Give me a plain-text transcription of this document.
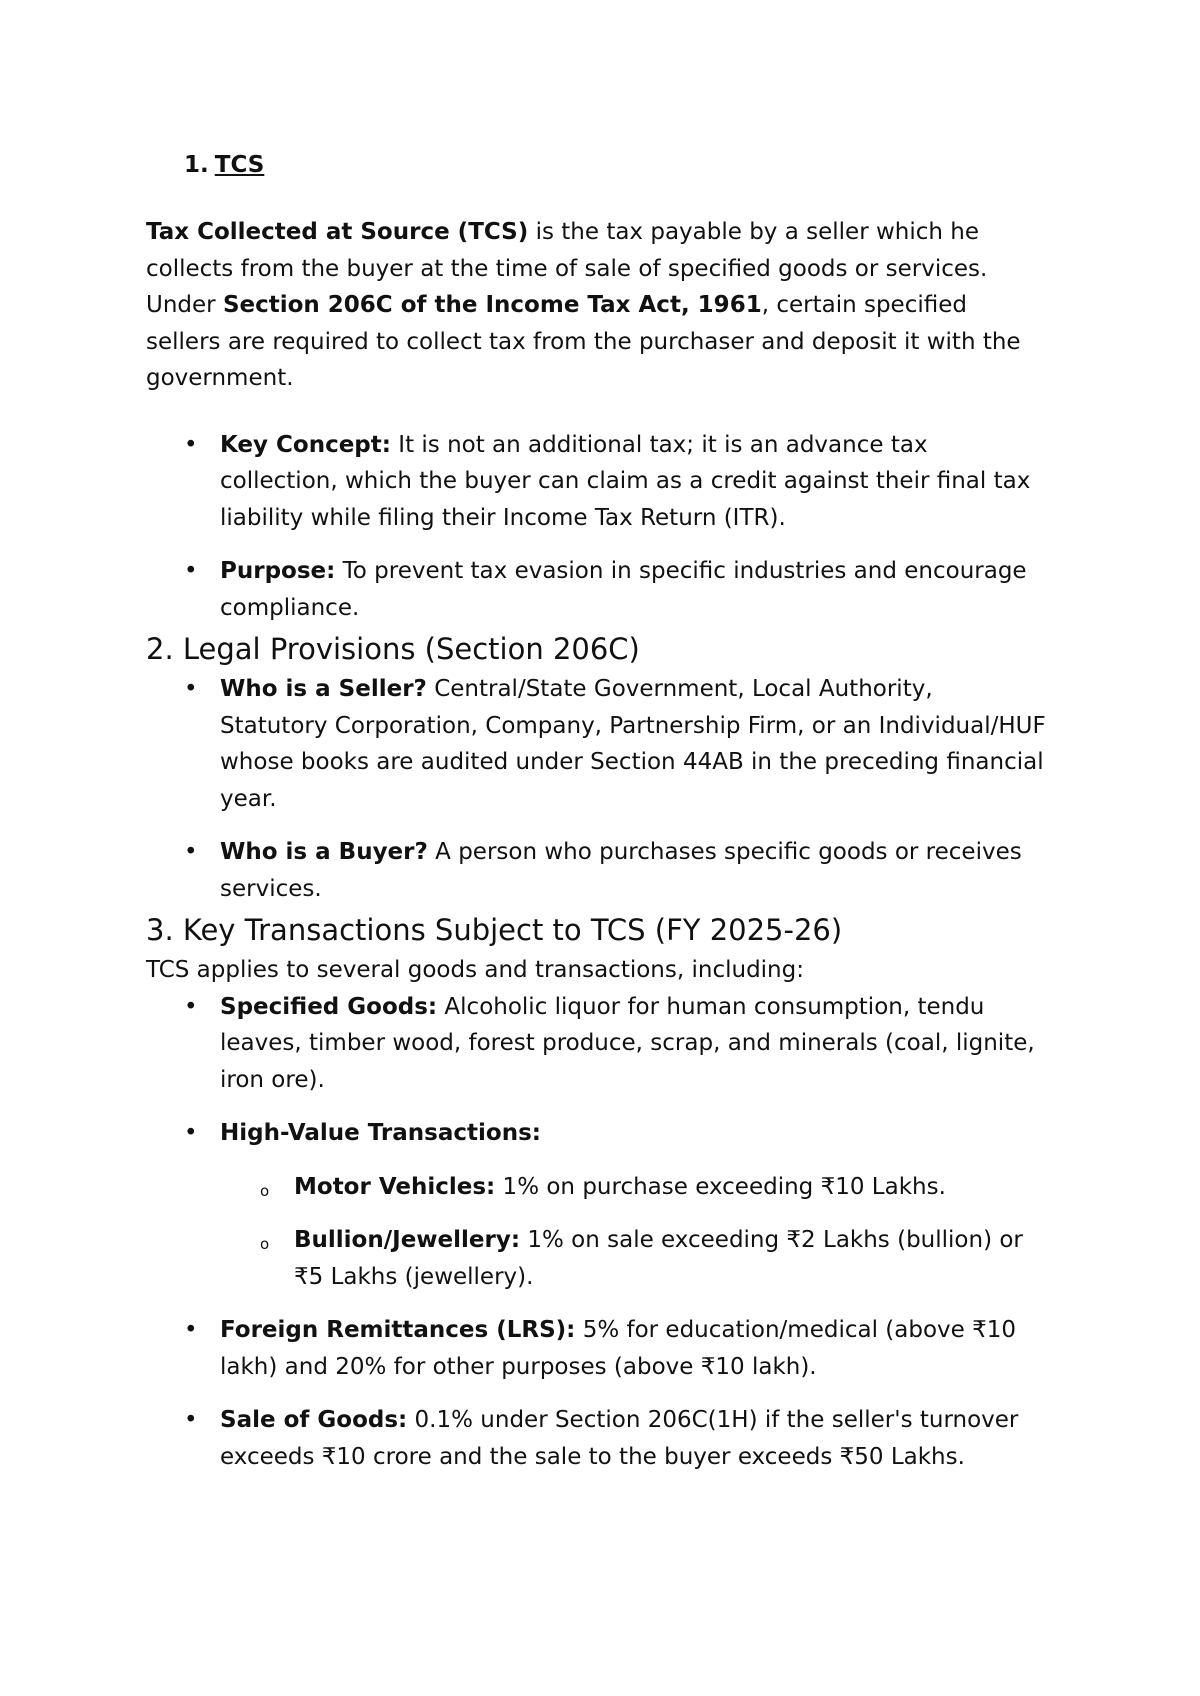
1. TCS

Tax Collected at Source (TCS) is the tax payable by a seller which he collects from the buyer at the time of sale of specified goods or services. Under Section 206C of the Income Tax Act, 1961, certain specified sellers are required to collect tax from the purchaser and deposit it with the government.

• Key Concept: It is not an additional tax; it is an advance tax collection, which the buyer can claim as a credit against their final tax liability while filing their Income Tax Return (ITR).
• Purpose: To prevent tax evasion in specific industries and encourage compliance.
2. Legal Provisions (Section 206C)
• Who is a Seller? Central/State Government, Local Authority, Statutory Corporation, Company, Partnership Firm, or an Individual/HUF whose books are audited under Section 44AB in the preceding financial year.
• Who is a Buyer? A person who purchases specific goods or receives services.
3. Key Transactions Subject to TCS (FY 2025-26)

TCS applies to several goods and transactions, including:

• Specified Goods: Alcoholic liquor for human consumption, tendu leaves, timber wood, forest produce, scrap, and minerals (coal, lignite, iron ore).
• High-Value Transactions:
o Motor Vehicles: 1% on purchase exceeding ₹10 Lakhs.
o Bullion/Jewellery: 1% on sale exceeding ₹2 Lakhs (bullion) or ₹5 Lakhs (jewellery).
• Foreign Remittances (LRS): 5% for education/medical (above ₹10 lakh) and 20% for other purposes (above ₹10 lakh).
• Sale of Goods: 0.1% under Section 206C(1H) if the seller's turnover exceeds ₹10 crore and the sale to the buyer exceeds ₹50 Lakhs.
